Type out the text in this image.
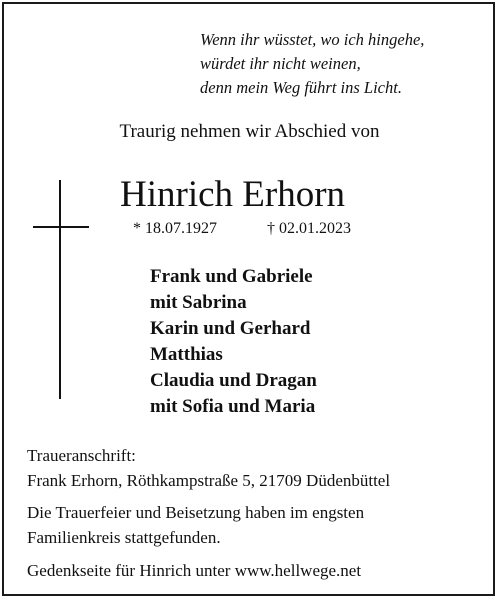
Wenn ihr wüsstet, wo ich hingehe,
würdet ihr nicht weinen,
denn mein Weg führt ins Licht.
Traurig nehmen wir Abschied von
Hinrich Erhorn
* 18.07.1927	† 02.01.2023
Frank und Gabriele
mit Sabrina
Karin und Gerhard
Matthias
Claudia und Dragan
mit Sofia und Maria
Traueranschrift:
Frank Erhorn, Röthkampstraße 5, 21709 Düdenbüttel
Die Trauerfeier und Beisetzung haben im engsten
Familienkreis stattgefunden.
Gedenkseite für Hinrich unter www.hellwege.net
